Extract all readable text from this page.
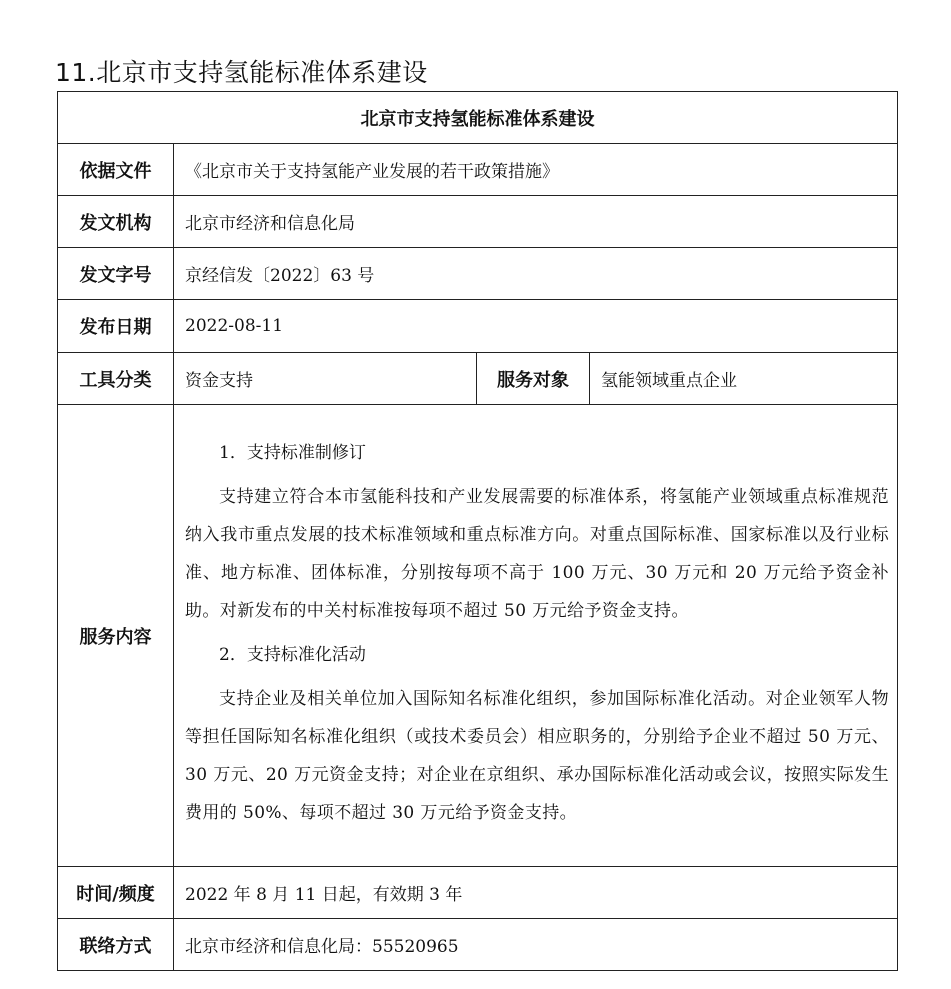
11.北京市支持氢能标准体系建设
北京市支持氢能标准体系建设			
依据文件	《北京市关于支持氢能产业发展的若干政策措施》		
发文机构	北京市经济和信息化局		
发文字号	京经信发〔2022〕63 号		
发布日期	2022-08-11		
工具分类	资金支持	服务对象	氢能领域重点企业
服务内容	1．支持标准制修订
支持建立符合本市氢能科技和产业发展需要的标准体系，将氢能产业领域重点标准规范纳入我市重点发展的技术标准领域和重点标准方向。对重点国际标准、国家标准以及行业标准、地方标准、团体标准，分别按每项不高于 100 万元、30 万元和 20 万元给予资金补助。对新发布的中关村标准按每项不超过 50 万元给予资金支持。
2．支持标准化活动
支持企业及相关单位加入国际知名标准化组织，参加国际标准化活动。对企业领军人物等担任国际知名标准化组织（或技术委员会）相应职务的，分别给予企业不超过 50 万元、30 万元、20 万元资金支持；对企业在京组织、承办国际标准化活动或会议，按照实际发生费用的 50%、每项不超过 30 万元给予资金支持。		

时间/频度	2022 年 8 月 11 日起，有效期 3 年		
联络方式	北京市经济和信息化局：55520965		
